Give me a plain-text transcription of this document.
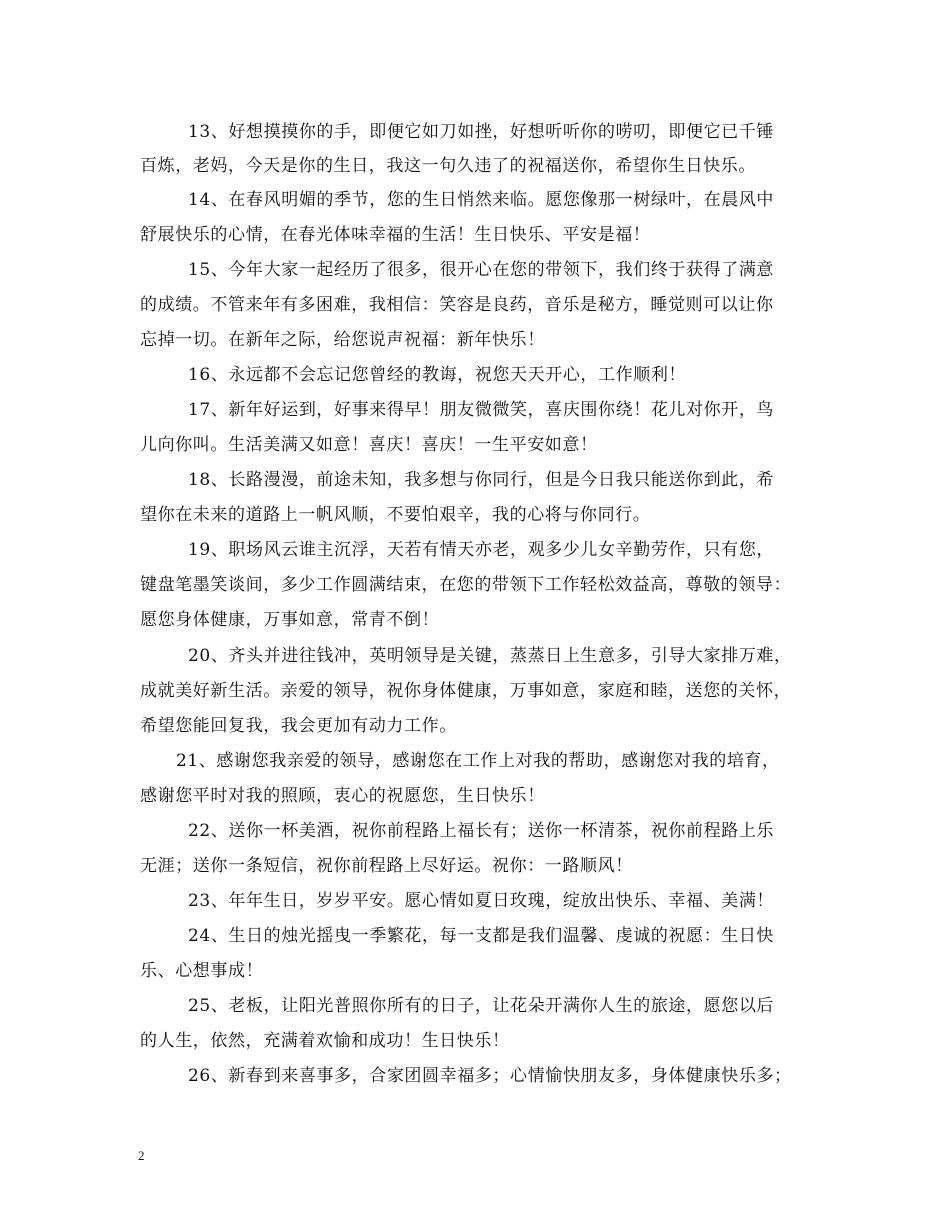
13、好想摸摸你的手，即便它如刀如挫，好想听听你的唠叨，即便它已千锤
百炼，老妈，今天是你的生日，我这一句久违了的祝福送你，希望你生日快乐。
14、在春风明媚的季节，您的生日悄然来临。愿您像那一树绿叶，在晨风中
舒展快乐的心情，在春光体味幸福的生活！生日快乐、平安是福！
15、今年大家一起经历了很多，很开心在您的带领下，我们终于获得了满意
的成绩。不管来年有多困难，我相信：笑容是良药，音乐是秘方，睡觉则可以让你
忘掉一切。在新年之际，给您说声祝福：新年快乐！
16、永远都不会忘记您曾经的教诲，祝您天天开心，工作顺利！
17、新年好运到，好事来得早！朋友微微笑，喜庆围你绕！花儿对你开，鸟
儿向你叫。生活美满又如意！喜庆！喜庆！一生平安如意！
18、长路漫漫，前途未知，我多想与你同行，但是今日我只能送你到此，希
望你在未来的道路上一帆风顺，不要怕艰辛，我的心将与你同行。
19、职场风云谁主沉浮，天若有情天亦老，观多少儿女辛勤劳作，只有您，
键盘笔墨笑谈间，多少工作圆满结束，在您的带领下工作轻松效益高，尊敬的领导：
愿您身体健康，万事如意，常青不倒！
20、齐头并进往钱冲，英明领导是关键，蒸蒸日上生意多，引导大家排万难，
成就美好新生活。亲爱的领导，祝你身体健康，万事如意，家庭和睦，送您的关怀，
希望您能回复我，我会更加有动力工作。
21、感谢您我亲爱的领导，感谢您在工作上对我的帮助，感谢您对我的培育，
感谢您平时对我的照顾，衷心的祝愿您，生日快乐！
22、送你一杯美酒，祝你前程路上福长有；送你一杯清茶，祝你前程路上乐
无涯；送你一条短信，祝你前程路上尽好运。祝你：一路顺风！
23、年年生日，岁岁平安。愿心情如夏日玫瑰，绽放出快乐、幸福、美满！
24、生日的烛光摇曳一季繁花，每一支都是我们温馨、虔诚的祝愿：生日快
乐、心想事成！
25、老板，让阳光普照你所有的日子，让花朵开满你人生的旅途，愿您以后
的人生，依然，充满着欢愉和成功！生日快乐！
26、新春到来喜事多，合家团圆幸福多；心情愉快朋友多，身体健康快乐多；
2
